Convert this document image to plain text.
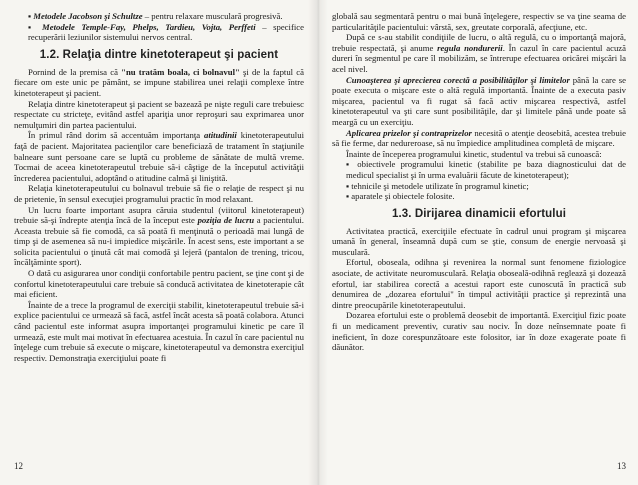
▪ Metodele Jacobson şi Schultze – pentru relaxare musculară progresivă.

▪ Metodele Temple-Fay, Phelps, Tardieu, Vojta, Perffeti – specifice recuperării leziunilor sistemului nervos central.

1.2. Relaţia dintre kinetoterapeut şi pacient

Pornind de la premisa că "nu tratăm boala, ci bolnavul" şi de la faptul că fiecare om este unic pe pământ, se impune stabilirea unei relaţii complexe între kinetoterapeut şi pacient.

Relaţia dintre kinetoterapeut şi pacient se bazează pe nişte reguli care trebuiesc respectate cu stricteţe, evitând astfel apariţia unor reproşuri sau exprimarea unor nemulţumiri din partea pacientului.

În primul rând dorim să accentuăm importanţa atitudinii kinetoterapeutului faţă de pacient. Majoritatea pacienţilor care beneficiază de tratament în staţiunile balneare sunt persoane care se luptă cu probleme de sănătate de multă vreme. Tocmai de aceea kinetoterapeutul trebuie să-i câştige de la începutul activităţii încrederea pacientului, adoptând o atitudine calmă şi liniştită.

Relaţia kinetoterapeutului cu bolnavul trebuie să fie o relaţie de respect şi nu de prietenie, în sensul execuţiei programului practic în mod relaxant.

Un lucru foarte important asupra căruia studentul (viitorul kinetoterapeut) trebuie să-şi îndrepte atenţia încă de la început este poziţia de lucru a pacientului. Aceasta trebuie să fie comodă, ca să poată fi menţinută o perioadă mai lungă de timp şi de asemenea să nu-i impiedice mişcările. În acest sens, este important a se solicita pacientului o ţinută cât mai comodă şi lejeră (pantalon de trening, tricou, încălţăminte sport).

O dată cu asigurarea unor condiţii confortabile pentru pacient, se ţine cont şi de confortul kinetoterapeutului care trebuie să conducă activitatea de kinetoterapie cât mai eficient.

Înainte de a trece la programul de exerciţii stabilit, kinetoterapeutul trebuie să-i explice pacientului ce urmează să facă, astfel încât acesta să poată colabora. Atunci când pacientul este informat asupra importanţei programului kinetic pe care îl urmează, este mult mai motivat în efectuarea acestuia. În cazul în care pacientul nu înţelege cum trebuie să execute o mişcare, kinetoterapeutul va demonstra exerciţiul respectiv. Demonstraţia exerciţiului poate fi

12

globală sau segmentară pentru o mai bună înţelegere, respectiv se va ţine seama de particularităţile pacientului: vârstă, sex, greutate corporală, afecţiune, etc.

După ce s-au stabilit condiţiile de lucru, o altă regulă, cu o importanţă majoră, trebuie respectată, şi anume regula nondurerii. În cazul în care pacientul acuză dureri în segmentul pe care îl mobilizăm, se întrerupe efectuarea oricărei mişcări la acel nivel.

Cunoaşterea şi aprecierea corectă a posibilităţilor şi limitelor până la care se poate executa o mişcare este o altă regulă importantă. Înainte de a executa pasiv mişcarea, pacientul va fi rugat să facă activ mişcarea respectivă, astfel kinetoterapeutul va şti care sunt posibilităţile, dar şi limitele până unde poate să meargă cu un exerciţiu.

Aplicarea prizelor şi contraprizelor necesită o atenţie deosebită, acestea trebuie să fie ferme, dar nedureroase, să nu împiedice amplitudinea completă de mişcare.

Înainte de începerea programului kinetic, studentul va trebui să cunoască:

▪ obiectivele programului kinetic (stabilite pe baza diagnosticului dat de medicul specialist şi în urma evaluării făcute de kinetoterapeut);

▪ tehnicile şi metodele utilizate în programul kinetic;

▪ aparatele şi obiectele folosite.

1.3. Dirijarea dinamicii efortului

Activitatea practică, exerciţiile efectuate în cadrul unui program şi mişcarea umană în general, înseamnă după cum se ştie, consum de energie nervoasă şi musculară.

Efortul, oboseala, odihna şi revenirea la normal sunt fenomene fiziologice asociate, de activitate neuromusculară. Relaţia oboseală-odihnă reglează şi dozează efortul, iar stabilirea corectă a acestui raport este cunoscută în practică sub denumirea de „dozarea efortului" în timpul activităţii practice şi reprezintă una dintre preocupările kinetoterapeutului.

Dozarea efortului este o problemă deosebit de importantă. Exerciţiul fizic poate fi un medicament preventiv, curativ sau nociv. În doze neînsemnate poate fi ineficient, în doze corespunzătoare este folositor, iar în doze exagerate poate fi dăunător.

13
